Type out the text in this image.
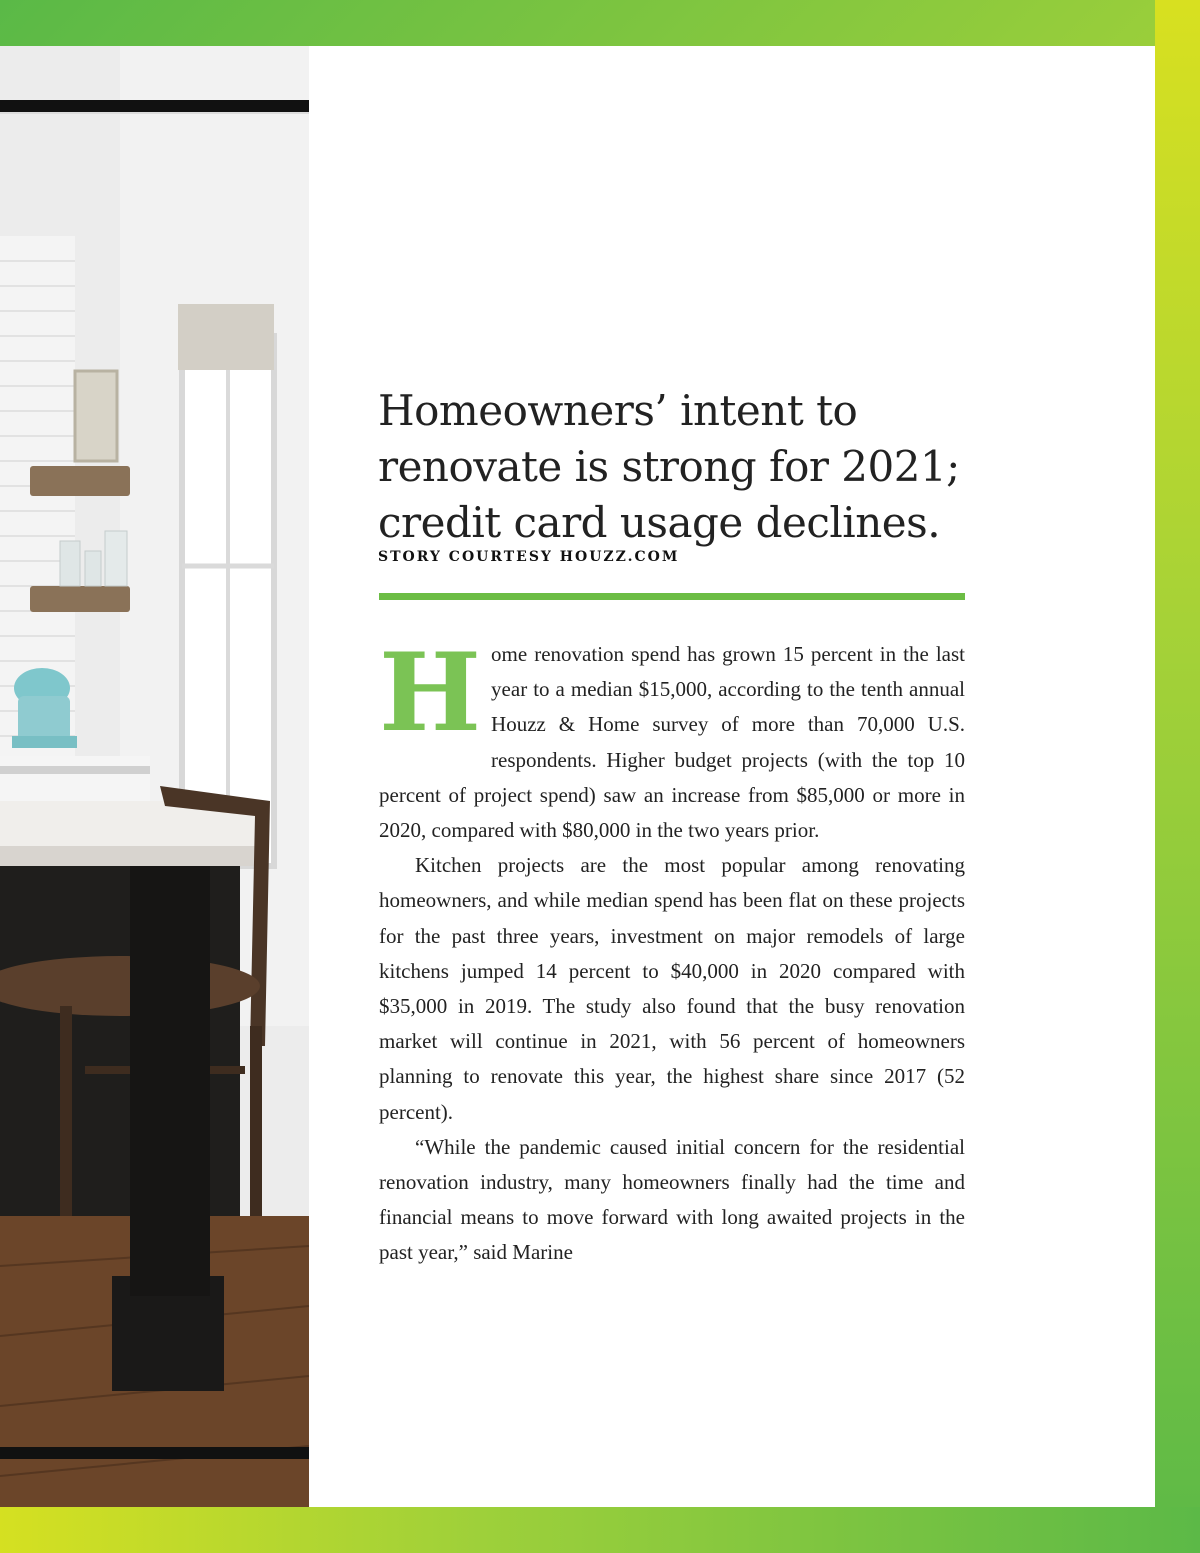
Homeowners’ intent to
renovate is strong for 2021;
credit card usage declines.

STORY COURTESY HOUZZ.COM

Home renovation spend has grown 15 percent in the last year to a median $15,000, according to the tenth annual Houzz & Home survey of more than 70,000 U.S. respondents. Higher budget projects (with the top 10 percent of project spend) saw an increase from $85,000 or more in 2020, compared with $80,000 in the two years prior.

Kitchen projects are the most popular among renovating homeowners, and while median spend has been flat on these projects for the past three years, investment on major remodels of large kitchens jumped 14 percent to $40,000 in 2020 compared with $35,000 in 2019. The study also found that the busy renovation market will continue in 2021, with 56 percent of homeowners planning to renovate this year, the highest share since 2017 (52 percent).

“While the pandemic caused initial concern for the residential renovation industry, many homeowners finally had the time and financial means to move forward with long awaited projects in the past year,” said Marine
